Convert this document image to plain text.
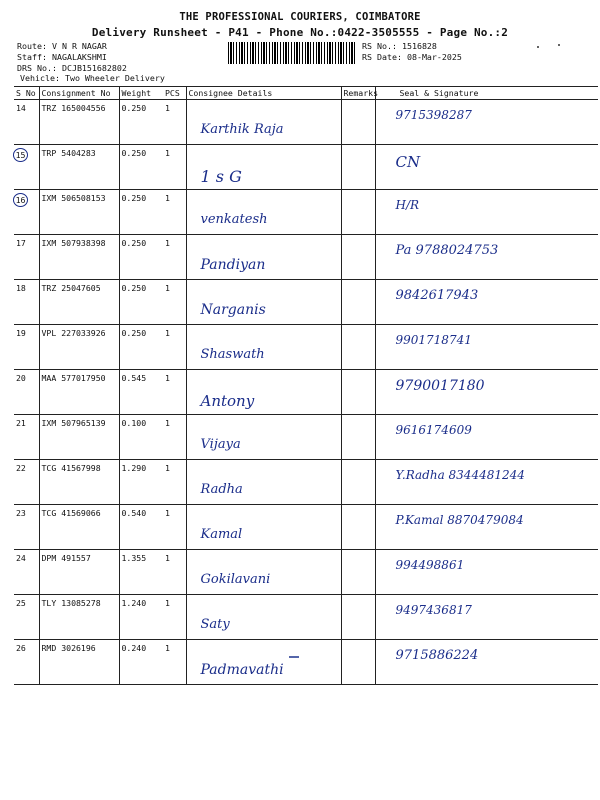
THE PROFESSIONAL COURIERS, COIMBATORE
Delivery Runsheet - P41 - Phone No.:0422-3505555 - Page No.:2
Route: V N R NAGAR
Staff: NAGALAKSHMI
DRS No.: DCJB151682802
Vehicle: Two Wheeler Delivery
RS No.: 1516828
RS Date: 08-Mar-2025
S No	Consignment No	Weight	PCS	Consignee Details	Remarks	Seal & Signature
14	TRZ 165004556	0.250	1	Karthik Raja		9715398287

15	TRP 5404283	0.250	1	1 s G		CN

16	IXM 506508153	0.250	1	venkatesh		H/R

17	IXM 507938398	0.250	1	Pandiyan		Pa 9788024753

18	TRZ 25047605	0.250	1	Narganis		9842617943

19	VPL 227033926	0.250	1	Shaswath		9901718741

20	MAA 577017950	0.545	1	Antony		9790017180

21	IXM 507965139	0.100	1	Vijaya		9616174609

22	TCG 41567998	1.290	1	Radha		Y.Radha 8344481244

23	TCG 41569066	0.540	1	Kamal		P.Kamal 8870479084

24	DPM 491557	1.355	1	Gokilavani		994498861

25	TLY 13085278	1.240	1	Saty		9497436817

26	RMD 3026196	0.240	1	Padmavathi		9715886224
